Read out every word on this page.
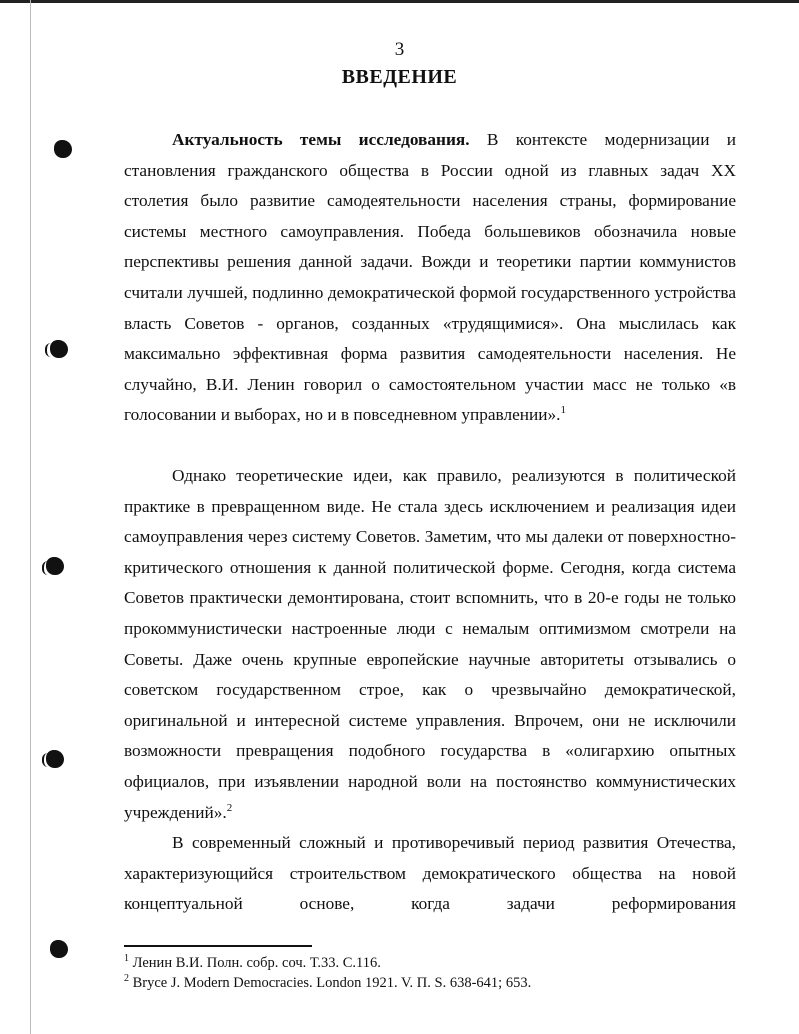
3
ВВЕДЕНИЕ

Актуальность темы исследования. В контексте модернизации и становления гражданского общества в России одной из главных задач XX столетия было развитие самодеятельности населения страны, формирование системы местного самоуправления. Победа большевиков обозначила новые перспективы решения данной задачи. Вожди и теоретики партии коммунистов считали лучшей, подлинно демократической формой государственного устройства власть Советов - органов, созданных «трудящимися». Она мыслилась как максимально эффективная форма развития самодеятельности населения. Не случайно, В.И. Ленин говорил о самостоятельном участии масс не только «в голосовании и выборах, но и в повседневном управлении».$^1$

Однако теоретические идеи, как правило, реализуются в политической практике в превращенном виде. Не стала здесь исключением и реализация идеи самоуправления через систему Советов. Заметим, что мы далеки от поверхностно-критического отношения к данной политической форме. Сегодня, когда система Советов практически демонтирована, стоит вспомнить, что в 20-е годы не только прокоммунистически настроенные люди с немалым оптимизмом смотрели на Советы. Даже очень крупные европейские научные авторитеты отзывались о советском государственном строе, как о чрезвычайно демократической, оригинальной и интересной системе управления. Впрочем, они не исключили возможности превращения подобного государства в «олигархию опытных официалов, при изъявлении народной воли на постоянство коммунистических учреждений».$^2$

В современный сложный и противоречивый период развития Отечества, характеризующийся строительством демократического общества на новой концептуальной основе, когда задачи реформирования

$^1$ Ленин В.И. Полн. собр. соч. Т.33. С.116.

$^2$ Bryce J. Modern Democracies. London 1921. V. П. S. 638-641; 653.
